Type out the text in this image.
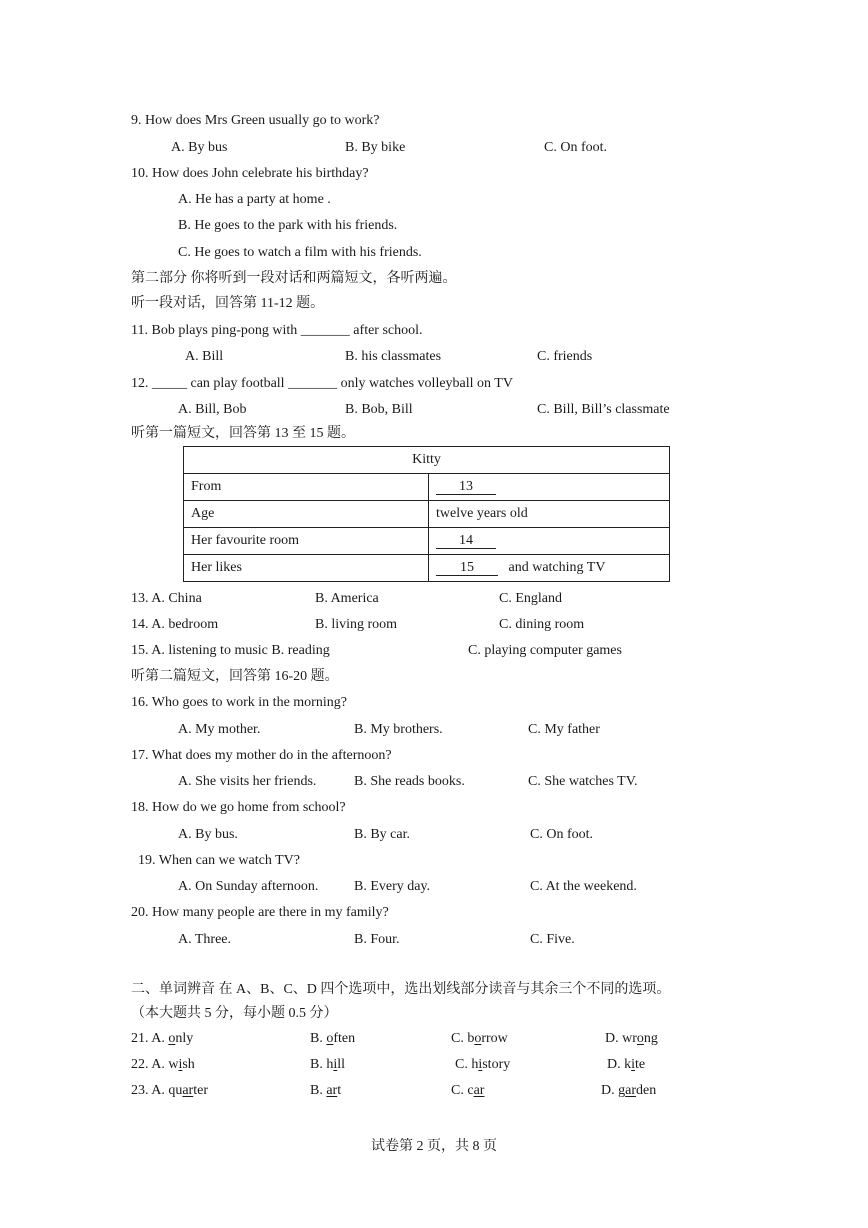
9. How does Mrs Green usually go to work?
A. By bus	B. By bike	C. On foot.
10. How does John celebrate his birthday?
A. He has a party at home .
B. He goes to the park with his friends.
C. He goes to watch a film with his friends.
第二部分 你将听到一段对话和两篇短文，各听两遍。
听一段对话，回答第 11-12 题。
11. Bob plays ping-pong with _______ after school.
A. Bill	B. his classmates	C. friends
12. _____ can play football _______ only watches volleyball on TV
A. Bill, Bob	B. Bob, Bill	C. Bill, Bill’s classmate
听第一篇短文，回答第 13 至 15 题。
Kitty	
From	13
Age	twelve years old
Her favourite room	14
Her likes	15 and watching TV
13. A. China	B. America	C. England
14. A. bedroom	B. living room	C. dining room
15. A. listening to music B. reading	C. playing computer games
听第二篇短文，回答第 16-20 题。
16. Who goes to work in the morning?
A. My mother.	B. My brothers.	C. My father
17. What does my mother do in the afternoon?
A. She visits her friends.	B. She reads books.	C. She watches TV.
18. How do we go home from school?
A. By bus.	B. By car.	C. On foot.
19. When can we watch TV?
A. On Sunday afternoon.	B. Every day.	C. At the weekend.
20. How many people are there in my family?
A. Three.	B. Four.	C. Five.
二、单词辨音 在 A、B、C、D 四个选项中，选出划线部分读音与其余三个不同的选项。
（本大题共 5 分，每小题 0.5 分）
21. A. only	B. often	C. borrow	D. wrong
22. A. wish	B. hill	C. history	D. kite
23. A. quarter	B. art	C. car	D. garden
试卷第 2 页，共 8 页
